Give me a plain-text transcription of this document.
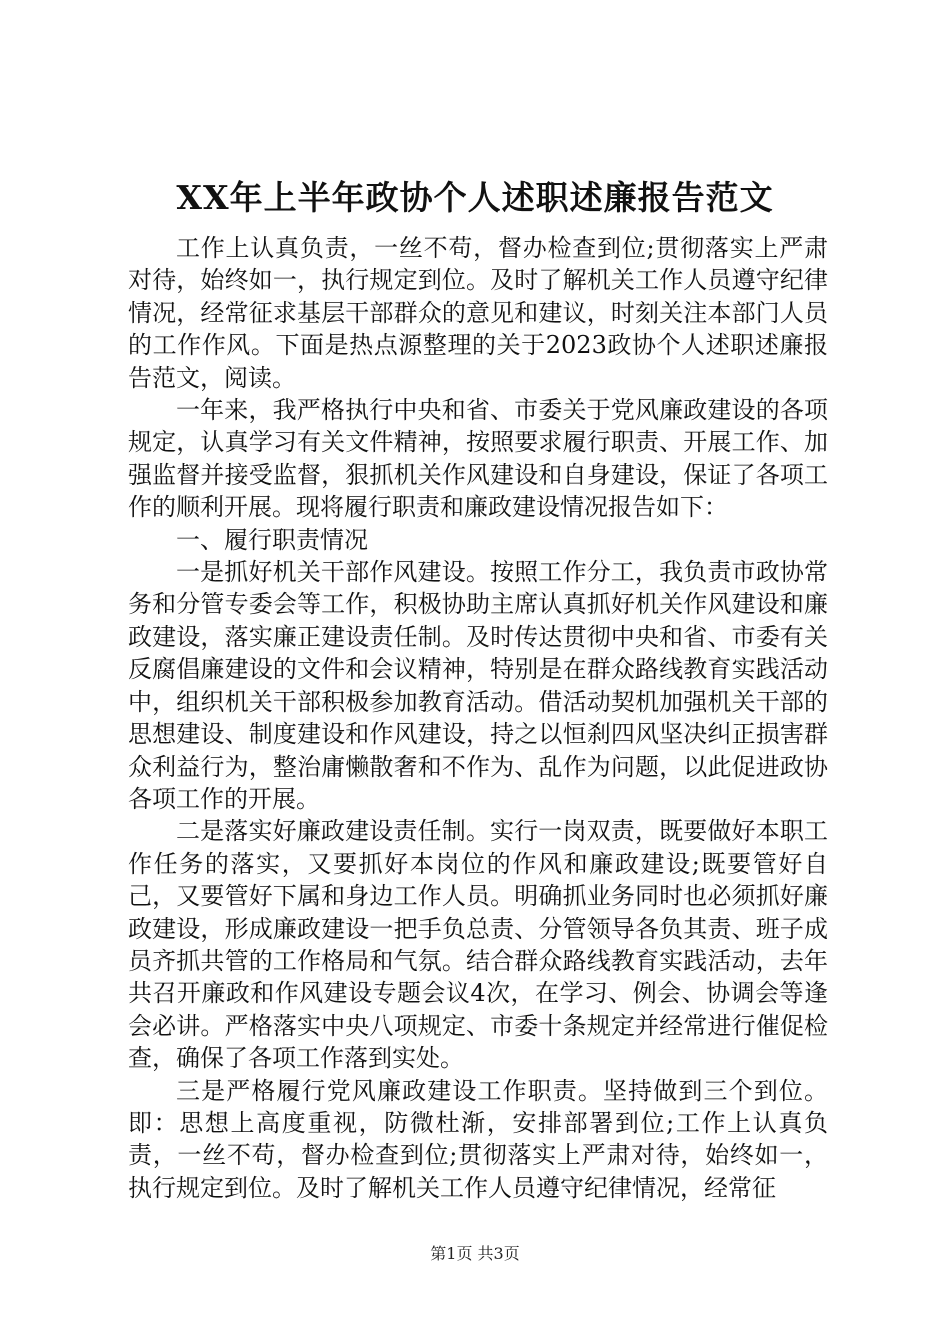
XX年上半年政协个人述职述廉报告范文

工作上认真负责，一丝不苟，督办检查到位;贯彻落实上严肃对待，始终如一，执行规定到位。及时了解机关工作人员遵守纪律情况，经常征求基层干部群众的意见和建议，时刻关注本部门人员的工作作风。下面是热点源整理的关于2023政协个人述职述廉报告范文，阅读。

一年来，我严格执行中央和省、市委关于党风廉政建设的各项规定，认真学习有关文件精神，按照要求履行职责、开展工作、加强监督并接受监督，狠抓机关作风建设和自身建设，保证了各项工作的顺利开展。现将履行职责和廉政建设情况报告如下：

一、履行职责情况

一是抓好机关干部作风建设。按照工作分工，我负责市政协常务和分管专委会等工作，积极协助主席认真抓好机关作风建设和廉政建设，落实廉正建设责任制。及时传达贯彻中央和省、市委有关反腐倡廉建设的文件和会议精神，特别是在群众路线教育实践活动中，组织机关干部积极参加教育活动。借活动契机加强机关干部的思想建设、制度建设和作风建设，持之以恒刹四风坚决纠正损害群众利益行为，整治庸懒散奢和不作为、乱作为问题，以此促进政协各项工作的开展。

二是落实好廉政建设责任制。实行一岗双责，既要做好本职工作任务的落实，又要抓好本岗位的作风和廉政建设;既要管好自己，又要管好下属和身边工作人员。明确抓业务同时也必须抓好廉政建设，形成廉政建设一把手负总责、分管领导各负其责、班子成员齐抓共管的工作格局和气氛。结合群众路线教育实践活动，去年共召开廉政和作风建设专题会议4次，在学习、例会、协调会等逢会必讲。严格落实中央八项规定、市委十条规定并经常进行催促检查，确保了各项工作落到实处。

三是严格履行党风廉政建设工作职责。坚持做到三个到位。即：思想上高度重视，防微杜渐，安排部署到位;工作上认真负责，一丝不苟，督办检查到位;贯彻落实上严肃对待，始终如一，执行规定到位。及时了解机关工作人员遵守纪律情况，经常征

第1页 共3页
